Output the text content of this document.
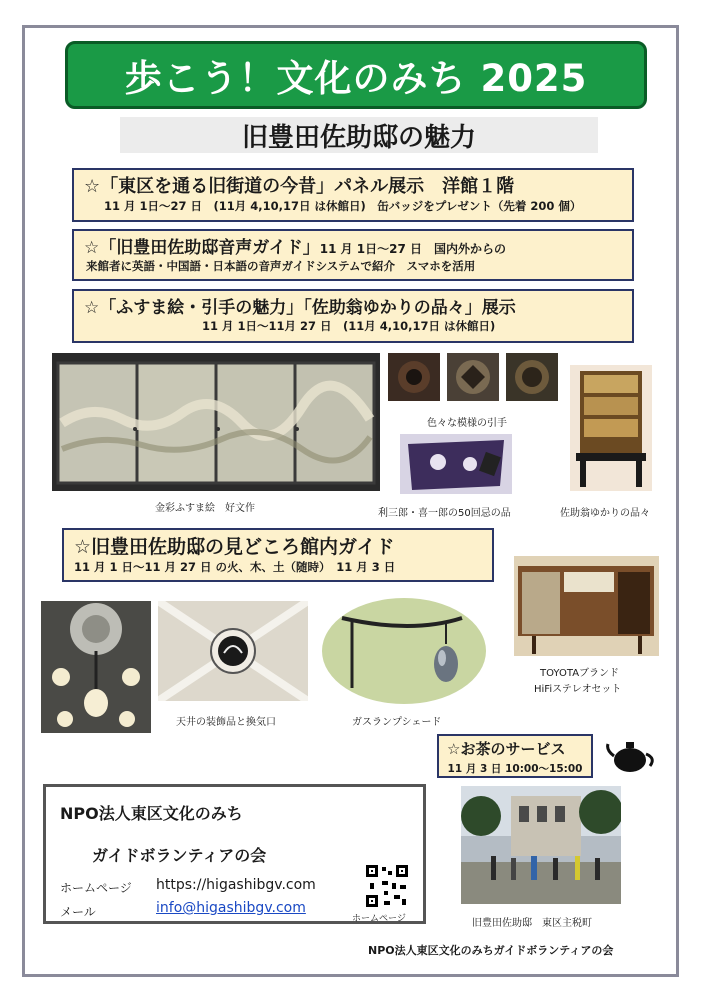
歩こう！文化のみち 2025
旧豊田佐助邸の魅力
☆「東区を通る旧街道の今昔」パネル展示　洋館１階
11 月 1日～27 日　(11月 4,10,17日 は休館日)　缶バッジをプレゼント（先着 200 個）
☆「旧豊田佐助邸音声ガイド」11 月 1日～27 日　国内外からの
来館者に英語・中国語・日本語の音声ガイドシステムで紹介　スマホを活用
☆「ふすま絵・引手の魅力」「佐助翁ゆかりの品々」展示
11 月 1日～11月 27 日　(11月 4,10,17日 は休館日)
金彩ふすま絵　好文作
色々な模様の引手
利三郎・喜一郎の50回忌の品	佐助翁ゆかりの品々
☆旧豊田佐助邸の見どころ館内ガイド
11 月 1 日～11 月 27 日 の火、木、土（随時）　11 月 3 日
TOYOTAブランド
HiFiステレオセット
天井の装飾品と換気口	ガスランプシェード
☆お茶のサービス
11 月 3 日 10:00～15:00
NPO法人東区文化のみち
ガイドボランティアの会
ホームページ https://higashibgv.com
メール	info@higashibgv.com
ホームページ	旧豊田佐助邸　東区主税町
NPO法人東区文化のみちガイドボランティアの会
